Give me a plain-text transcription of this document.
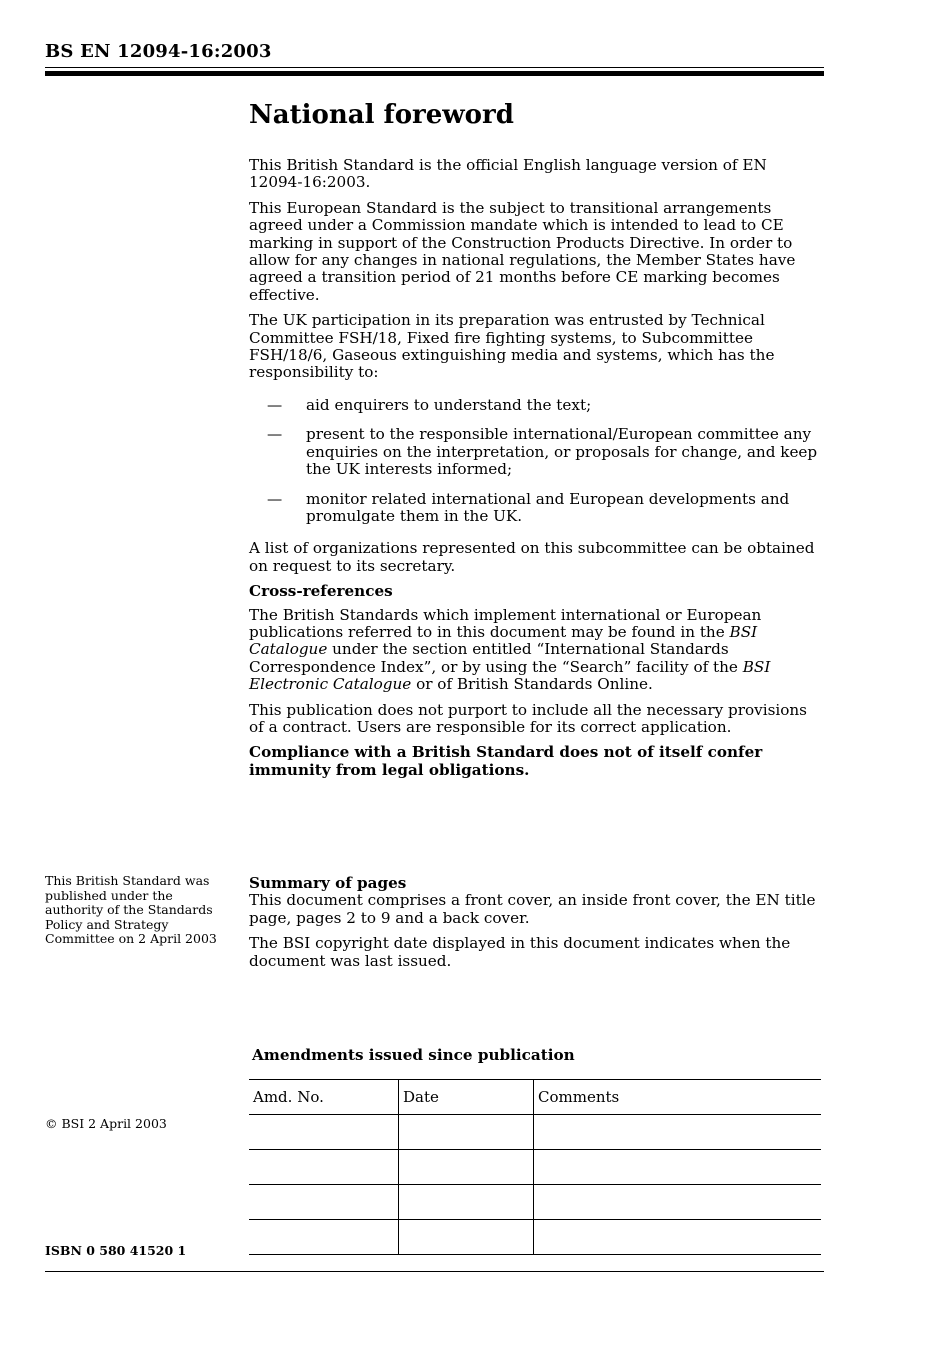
BS EN 12094-16:2003
National foreword

This British Standard is the official English language version of EN 12094-16:2003.

This European Standard is the subject to transitional arrangements agreed under a Commission mandate which is intended to lead to CE marking in support of the Construction Products Directive. In order to allow for any changes in national regulations, the Member States have agreed a transition period of 21 months before CE marking becomes effective.

The UK participation in its preparation was entrusted by Technical Committee FSH/18, Fixed fire fighting systems, to Subcommittee FSH/18/6, Gaseous extinguishing media and systems, which has the responsibility to:

— aid enquirers to understand the text;
— present to the responsible international/European committee any enquiries on the interpretation, or proposals for change, and keep the UK interests informed;
— monitor related international and European developments and promulgate them in the UK.

A list of organizations represented on this subcommittee can be obtained on request to its secretary.

Cross-references

The British Standards which implement international or European publications referred to in this document may be found in the BSI Catalogue under the section entitled “International Standards Correspondence Index”, or by using the “Search” facility of the BSI Electronic Catalogue or of British Standards Online.

This publication does not purport to include all the necessary provisions of a contract. Users are responsible for its correct application.

Compliance with a British Standard does not of itself confer immunity from legal obligations.

This British Standard was published under the authority of the Standards Policy and Strategy Committee on 2 April 2003
Summary of pages

This document comprises a front cover, an inside front cover, the EN title page, pages 2 to 9 and a back cover.

The BSI copyright date displayed in this document indicates when the document was last issued.

Amendments issued since publication
Amd. No.	Date	Comments

© BSI 2 April 2003
ISBN 0 580 41520 1
